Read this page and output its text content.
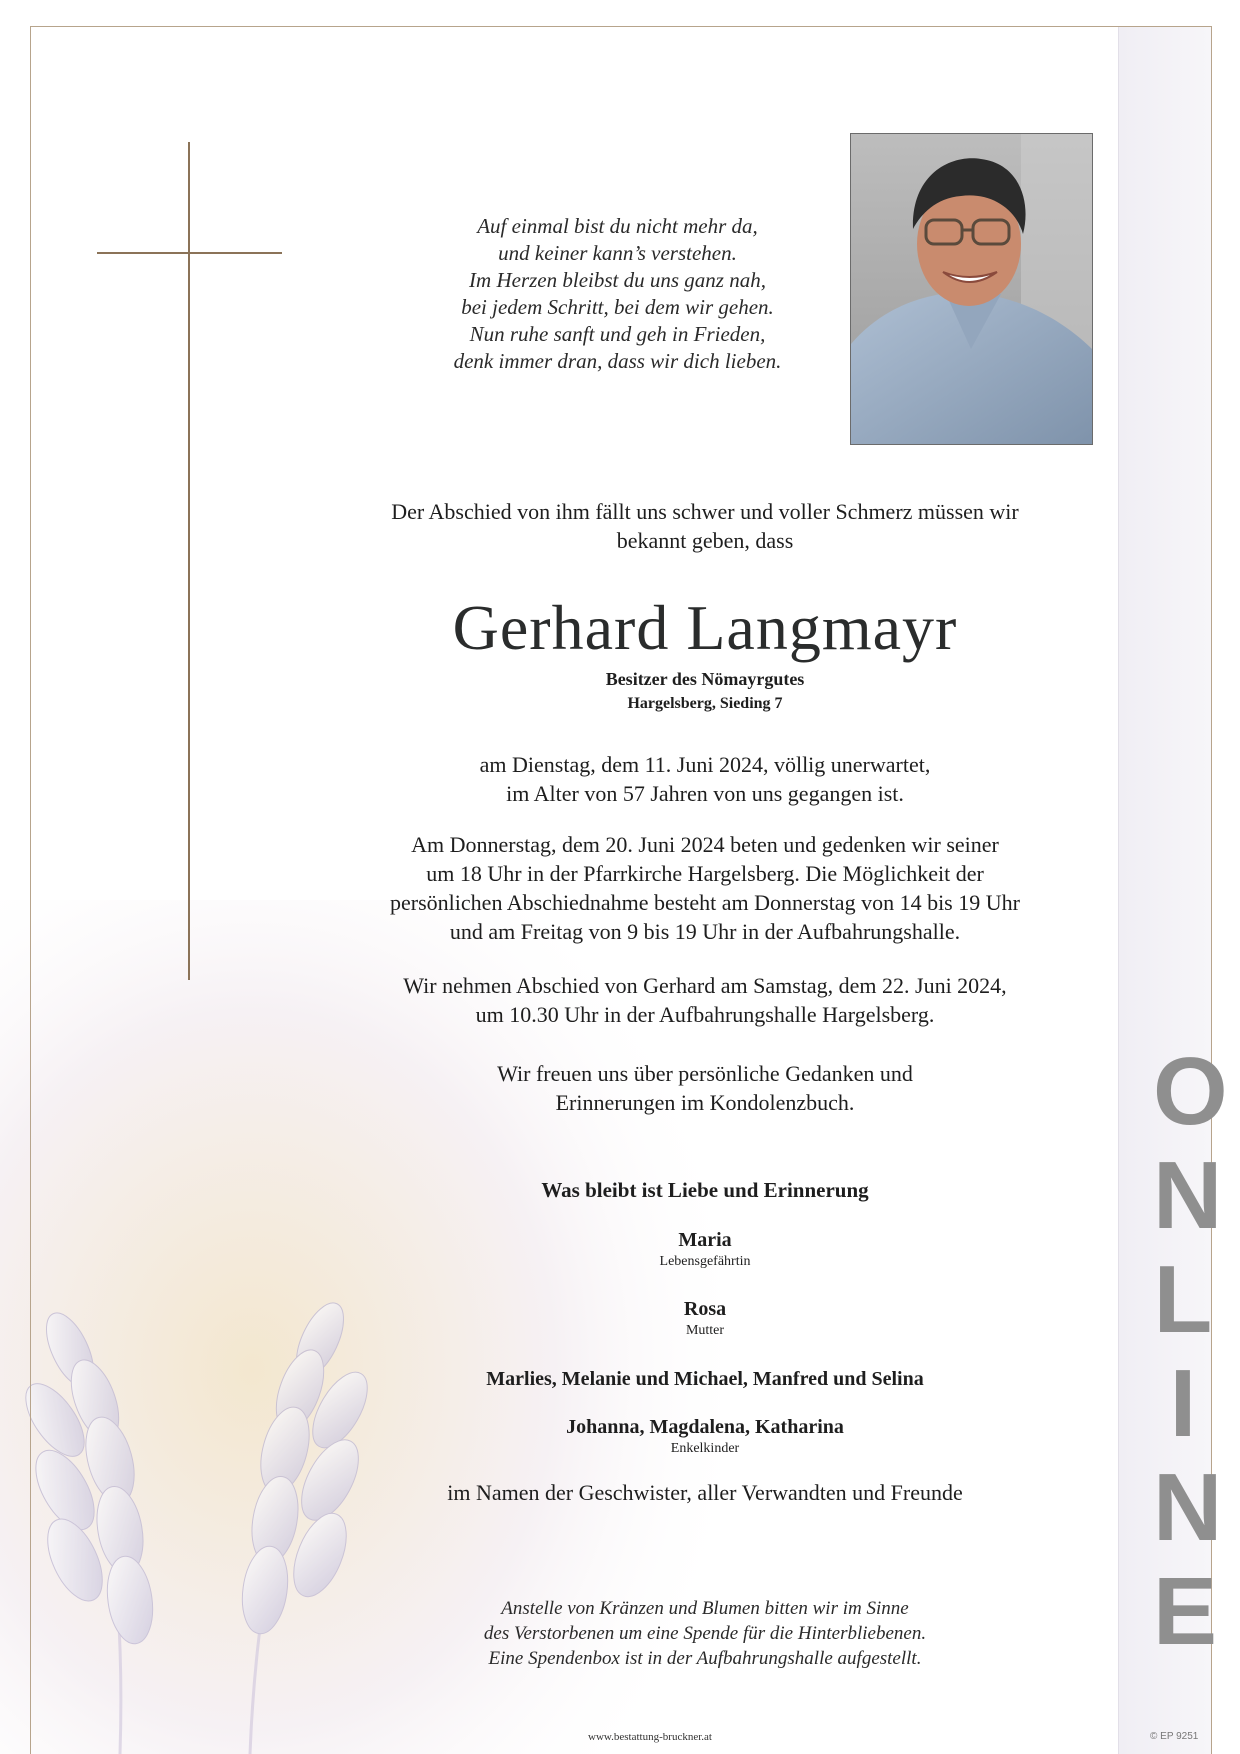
Auf einmal bist du nicht mehr da,
und keiner kann’s verstehen.
Im Herzen bleibst du uns ganz nah,
bei jedem Schritt, bei dem wir gehen.
Nun ruhe sanft und geh in Frieden,
denk immer dran, dass wir dich lieben.
Der Abschied von ihm fällt uns schwer und voller Schmerz müssen wir
bekannt geben, dass
Gerhard Langmayr
Besitzer des Nömayrgutes
Hargelsberg, Sieding 7
am Dienstag, dem 11. Juni 2024, völlig unerwartet,
im Alter von 57 Jahren von uns gegangen ist.
Am Donnerstag, dem 20. Juni 2024 beten und gedenken wir seiner
um 18 Uhr in der Pfarrkirche Hargelsberg. Die Möglichkeit der
persönlichen Abschiednahme besteht am Donnerstag von 14 bis 19 Uhr
und am Freitag von 9 bis 19 Uhr in der Aufbahrungshalle.
Wir nehmen Abschied von Gerhard am Samstag, dem 22. Juni 2024,
um 10.30 Uhr in der Aufbahrungshalle Hargelsberg.
Wir freuen uns über persönliche Gedanken und
Erinnerungen im Kondolenzbuch.
Was bleibt ist Liebe und Erinnerung
Maria
Lebensgefährtin
Rosa
Mutter
Marlies, Melanie und Michael, Manfred und Selina
Johanna, Magdalena, Katharina
Enkelkinder
im Namen der Geschwister, aller Verwandten und Freunde
Anstelle von Kränzen und Blumen bitten wir im Sinne
des Verstorbenen um eine Spende für die Hinterbliebenen.
Eine Spendenbox ist in der Aufbahrungshalle aufgestellt.
www.bestattung-bruckner.at	© EP 9251
O
N
L
I
N
E
